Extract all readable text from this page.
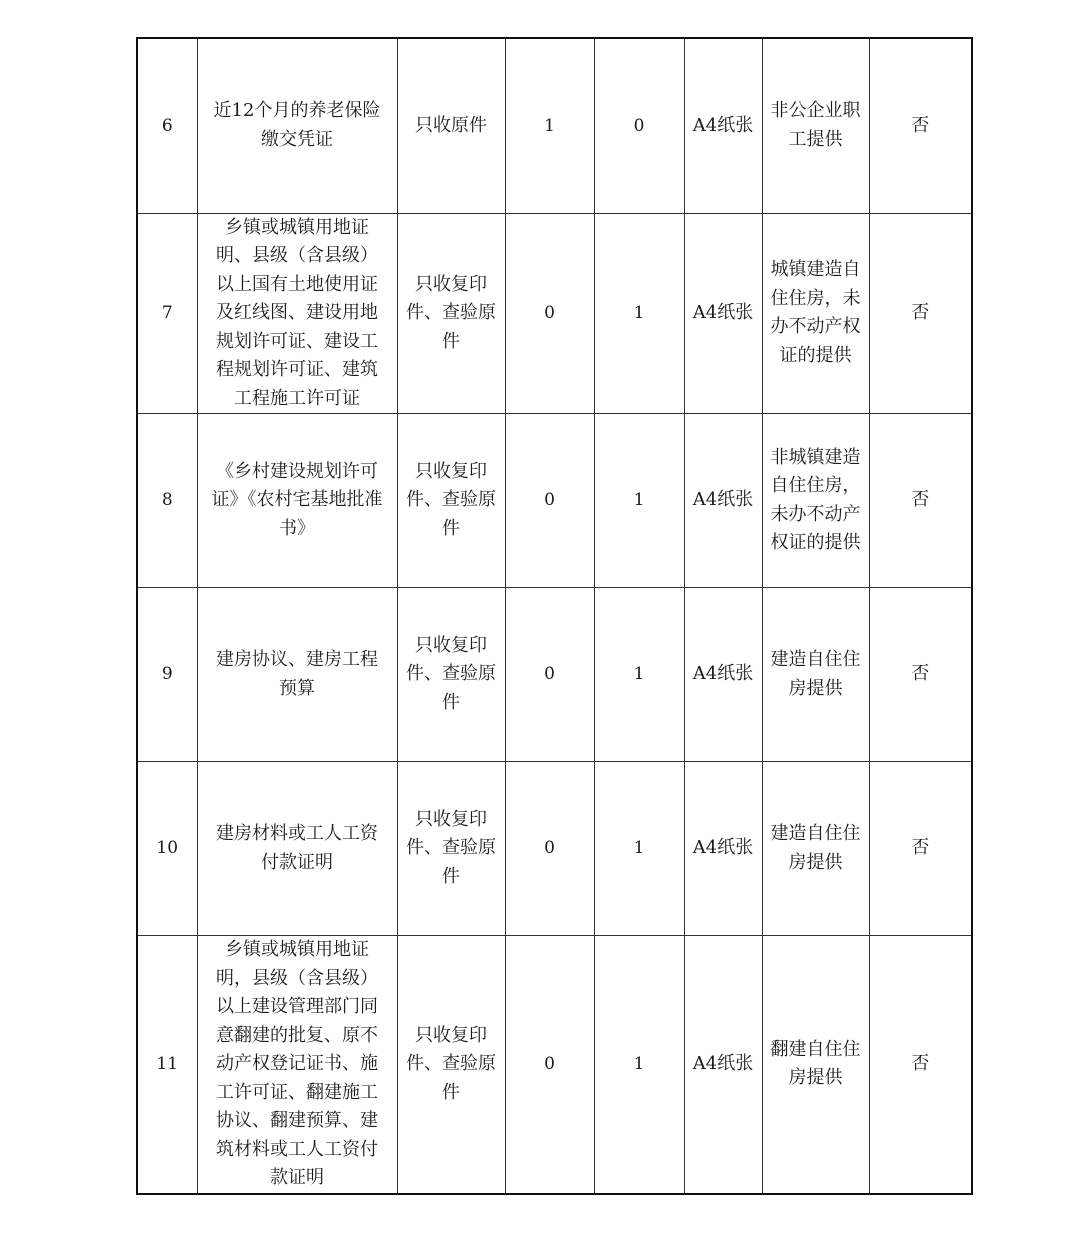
6	近12个月的养老保险缴交凭证	只收原件	1	0	A4纸张	非公企业职工提供	否
7	乡镇或城镇用地证明、县级（含县级）以上国有土地使用证及红线图、建设用地规划许可证、建设工程规划许可证、建筑工程施工许可证	只收复印件、查验原件	0	1	A4纸张	城镇建造自住住房，未办不动产权证的提供	否
8	《乡村建设规划许可证》《农村宅基地批准书》	只收复印件、查验原件	0	1	A4纸张	非城镇建造自住住房，未办不动产权证的提供	否
9	建房协议、建房工程预算	只收复印件、查验原件	0	1	A4纸张	建造自住住房提供	否
10	建房材料或工人工资付款证明	只收复印件、查验原件	0	1	A4纸张	建造自住住房提供	否
11	乡镇或城镇用地证明，县级（含县级）以上建设管理部门同意翻建的批复、原不动产权登记证书、施工许可证、翻建施工协议、翻建预算、建筑材料或工人工资付款证明	只收复印件、查验原件	0	1	A4纸张	翻建自住住房提供	否
